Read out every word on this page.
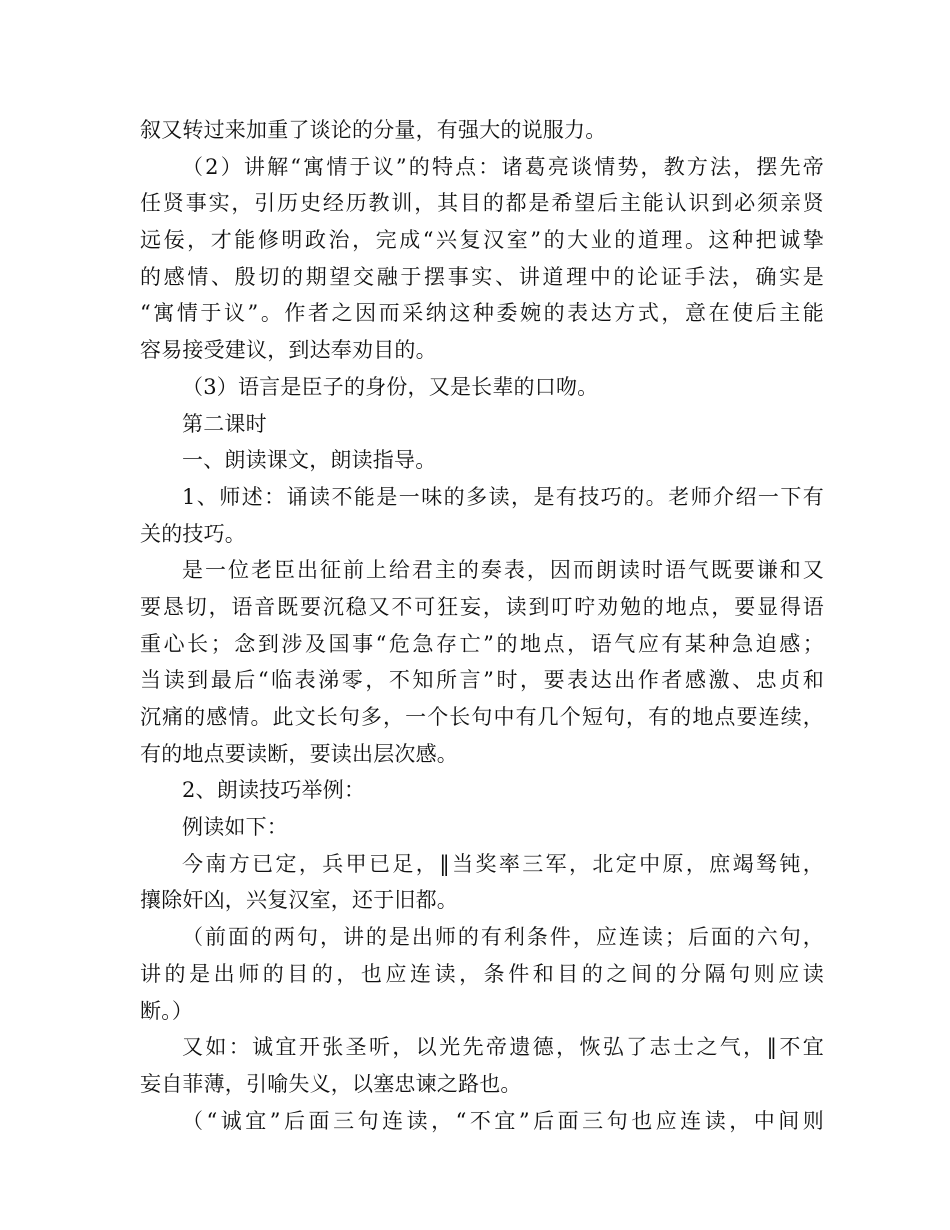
叙又转过来加重了谈论的分量，有强大的说服力。
（2）讲解“寓情于议”的特点：诸葛亮谈情势，教方法，摆先帝
任贤事实，引历史经历教训，其目的都是希望后主能认识到必须亲贤
远佞，才能修明政治，完成“兴复汉室”的大业的道理。这种把诚挚
的感情、殷切的期望交融于摆事实、讲道理中的论证手法，确实是
“寓情于议”。作者之因而采纳这种委婉的表达方式，意在使后主能
容易接受建议，到达奉劝目的。
（3）语言是臣子的身份，又是长辈的口吻。
第二课时
一、朗读课文，朗读指导。
1、师述：诵读不能是一味的多读，是有技巧的。老师介绍一下有
关的技巧。
是一位老臣出征前上给君主的奏表，因而朗读时语气既要谦和又
要恳切，语音既要沉稳又不可狂妄，读到叮咛劝勉的地点，要显得语
重心长；念到涉及国事“危急存亡”的地点，语气应有某种急迫感；
当读到最后“临表涕零，不知所言”时，要表达出作者感激、忠贞和
沉痛的感情。此文长句多，一个长句中有几个短句，有的地点要连续，
有的地点要读断，要读出层次感。
2、朗读技巧举例：
例读如下：
今南方已定，兵甲已足，‖当奖率三军，北定中原，庶竭驽钝，
攘除奸凶，兴复汉室，还于旧都。
（前面的两句，讲的是出师的有利条件，应连读；后面的六句，
讲的是出师的目的，也应连读，条件和目的之间的分隔句则应读
断。）
又如：诚宜开张圣听，以光先帝遗德，恢弘了志士之气，‖不宜
妄自菲薄，引喻失义，以塞忠谏之路也。
（“诚宜”后面三句连读，“不宜”后面三句也应连读，中间则
